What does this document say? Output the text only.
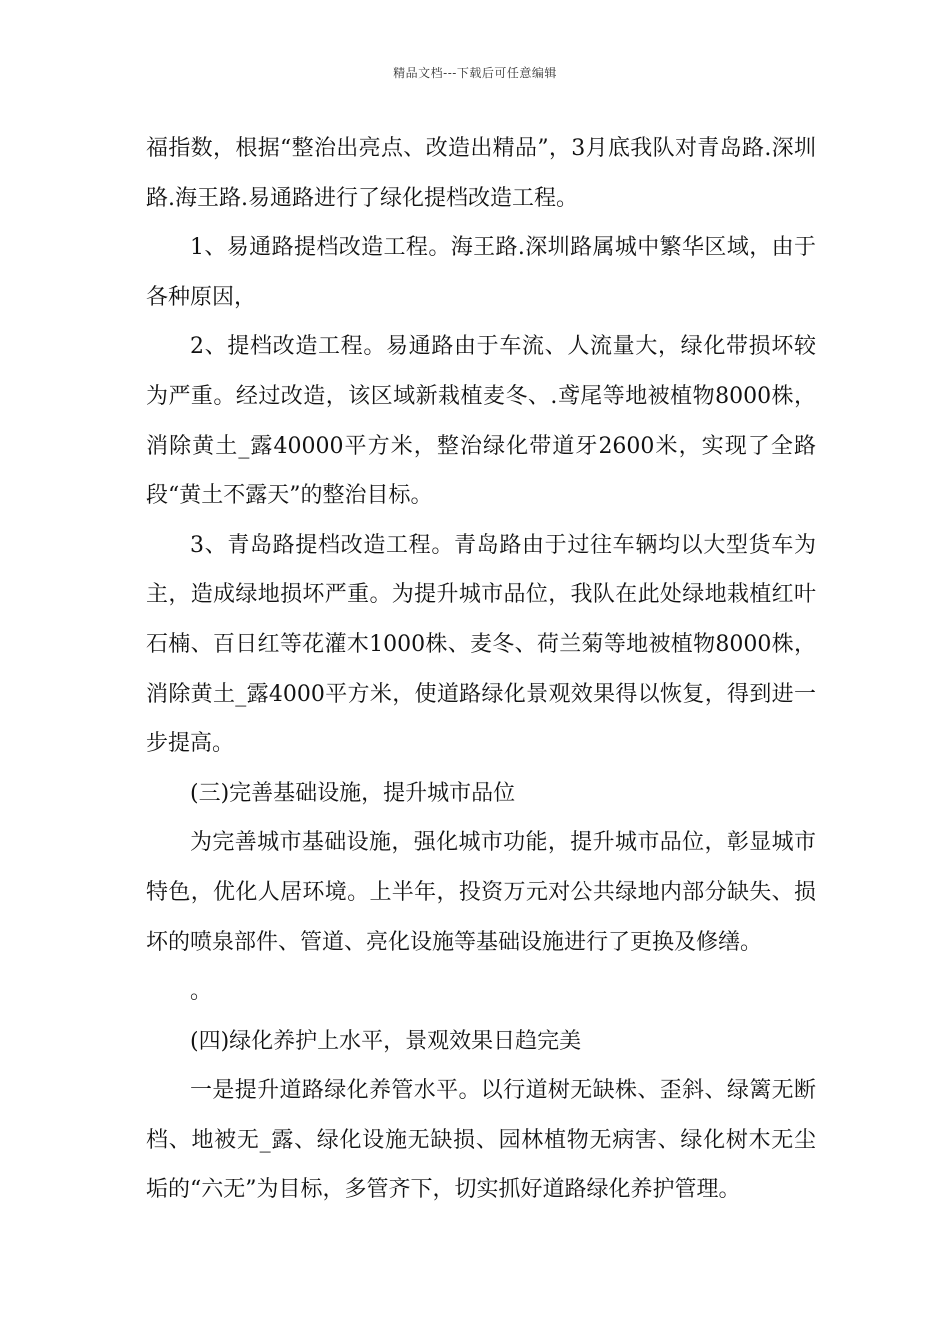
精品文档---下载后可任意编辑

福指数，根据“整治出亮点、改造出精品”，3月底我队对青岛路.深圳路.海王路.易通路进行了绿化提档改造工程。

1、易通路提档改造工程。海王路.深圳路属城中繁华区域，由于各种原因，

2、提档改造工程。易通路由于车流、人流量大，绿化带损坏较为严重。经过改造，该区域新栽植麦冬、.鸢尾等地被植物8000株，消除黄土_露40000平方米，整治绿化带道牙2600米，实现了全路段“黄土不露天”的整治目标。

3、青岛路提档改造工程。青岛路由于过往车辆均以大型货车为主，造成绿地损坏严重。为提升城市品位，我队在此处绿地栽植红叶石楠、百日红等花灌木1000株、麦冬、荷兰菊等地被植物8000株，消除黄土_露4000平方米，使道路绿化景观效果得以恢复，得到进一步提高。

(三)完善基础设施，提升城市品位

为完善城市基础设施，强化城市功能，提升城市品位，彰显城市特色，优化人居环境。上半年，投资万元对公共绿地内部分缺失、损坏的喷泉部件、管道、亮化设施等基础设施进行了更换及修缮。

。

(四)绿化养护上水平，景观效果日趋完美

一是提升道路绿化养管水平。以行道树无缺株、歪斜、绿篱无断档、地被无_露、绿化设施无缺损、园林植物无病害、绿化树木无尘垢的“六无”为目标，多管齐下，切实抓好道路绿化养护管理。
